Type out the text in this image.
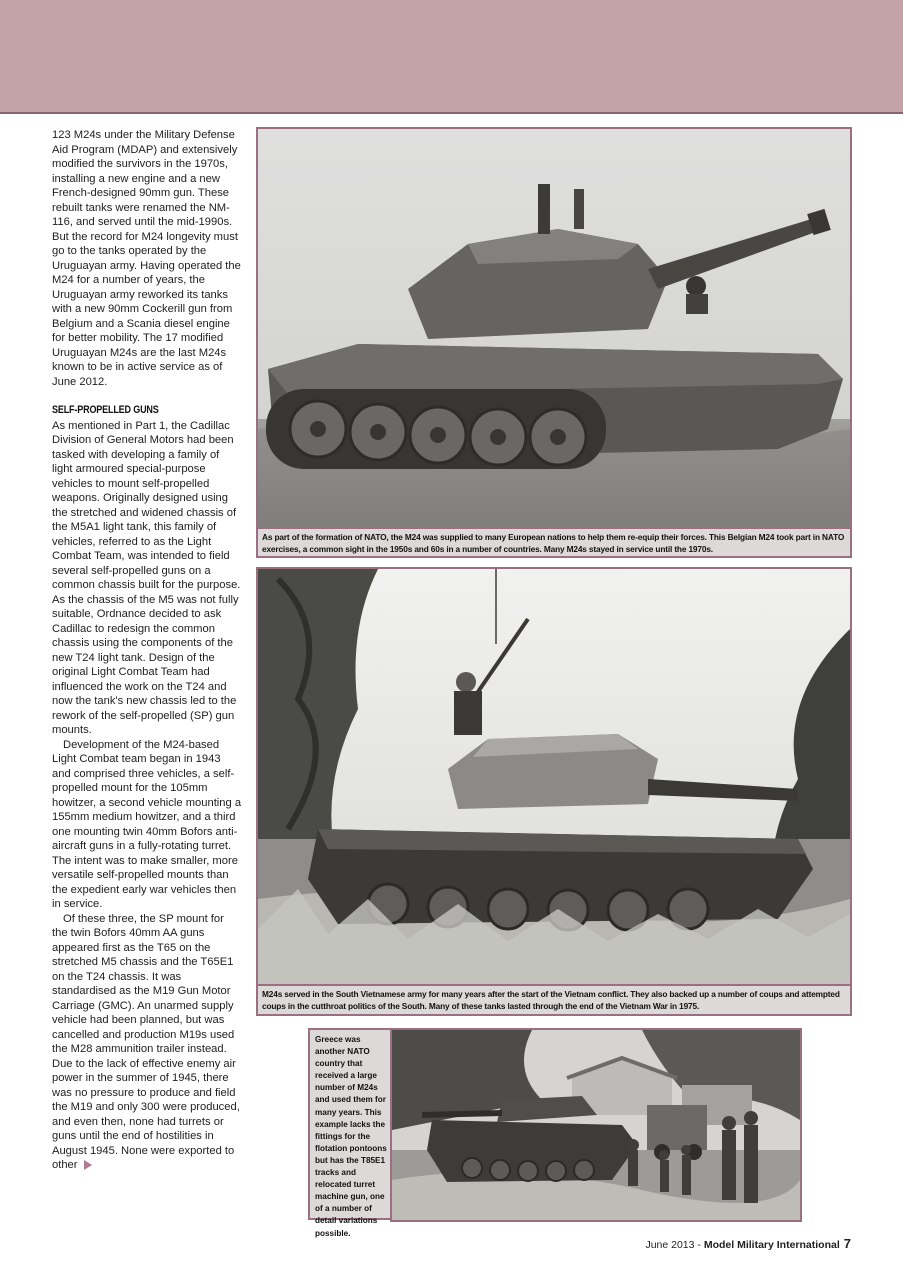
123 M24s under the Military Defense Aid Program (MDAP) and extensively modified the survivors in the 1970s, installing a new engine and a new French-designed 90mm gun. These rebuilt tanks were renamed the NM-116, and served until the mid-1990s. But the record for M24 longevity must go to the tanks operated by the Uruguayan army. Having operated the M24 for a number of years, the Uruguayan army reworked its tanks with a new 90mm Cockerill gun from Belgium and a Scania diesel engine for better mobility. The 17 modified Uruguayan M24s are the last M24s known to be in active service as of June 2012.

SELF-PROPELLED GUNS

As mentioned in Part 1, the Cadillac Division of General Motors had been tasked with developing a family of light armoured special-purpose vehicles to mount self-propelled weapons. Originally designed using the stretched and widened chassis of the M5A1 light tank, this family of vehicles, referred to as the Light Combat Team, was intended to field several self-propelled guns on a common chassis built for the purpose. As the chassis of the M5 was not fully suitable, Ordnance decided to ask Cadillac to redesign the common chassis using the components of the new T24 light tank. Design of the original Light Combat Team had influenced the work on the T24 and now the tank's new chassis led to the rework of the self-propelled (SP) gun mounts.

Development of the M24-based Light Combat team began in 1943 and comprised three vehicles, a self-propelled mount for the 105mm howitzer, a second vehicle mounting a 155mm medium howitzer, and a third one mounting twin 40mm Bofors anti-aircraft guns in a fully-rotating turret. The intent was to make smaller, more versatile self-propelled mounts than the expedient early war vehicles then in service.

Of these three, the SP mount for the twin Bofors 40mm AA guns appeared first as the T65 on the stretched M5 chassis and the T65E1 on the T24 chassis. It was standardised as the M19 Gun Motor Carriage (GMC). An unarmed supply vehicle had been planned, but was cancelled and production M19s used the M28 ammunition trailer instead. Due to the lack of effective enemy air power in the summer of 1945, there was no pressure to produce and field the M19 and only 300 were produced, and even then, none had turrets or guns until the end of hostilities in August 1945. None were exported to other

As part of the formation of NATO, the M24 was supplied to many European nations to help them re-equip their forces. This Belgian M24 took part in NATO exercises, a common sight in the 1950s and 60s in a number of countries. Many M24s stayed in service until the 1970s.
M24s served in the South Vietnamese army for many years after the start of the Vietnam conflict. They also backed up a number of coups and attempted coups in the cutthroat politics of the South. Many of these tanks lasted through the end of the Vietnam War in 1975.
Greece was another NATO country that received a large number of M24s and used them for many years. This example lacks the fittings for the flotation pontoons but has the T85E1 tracks and relocated turret machine gun, one of a number of detail variations possible.
June 2013 - Model Military International 7
